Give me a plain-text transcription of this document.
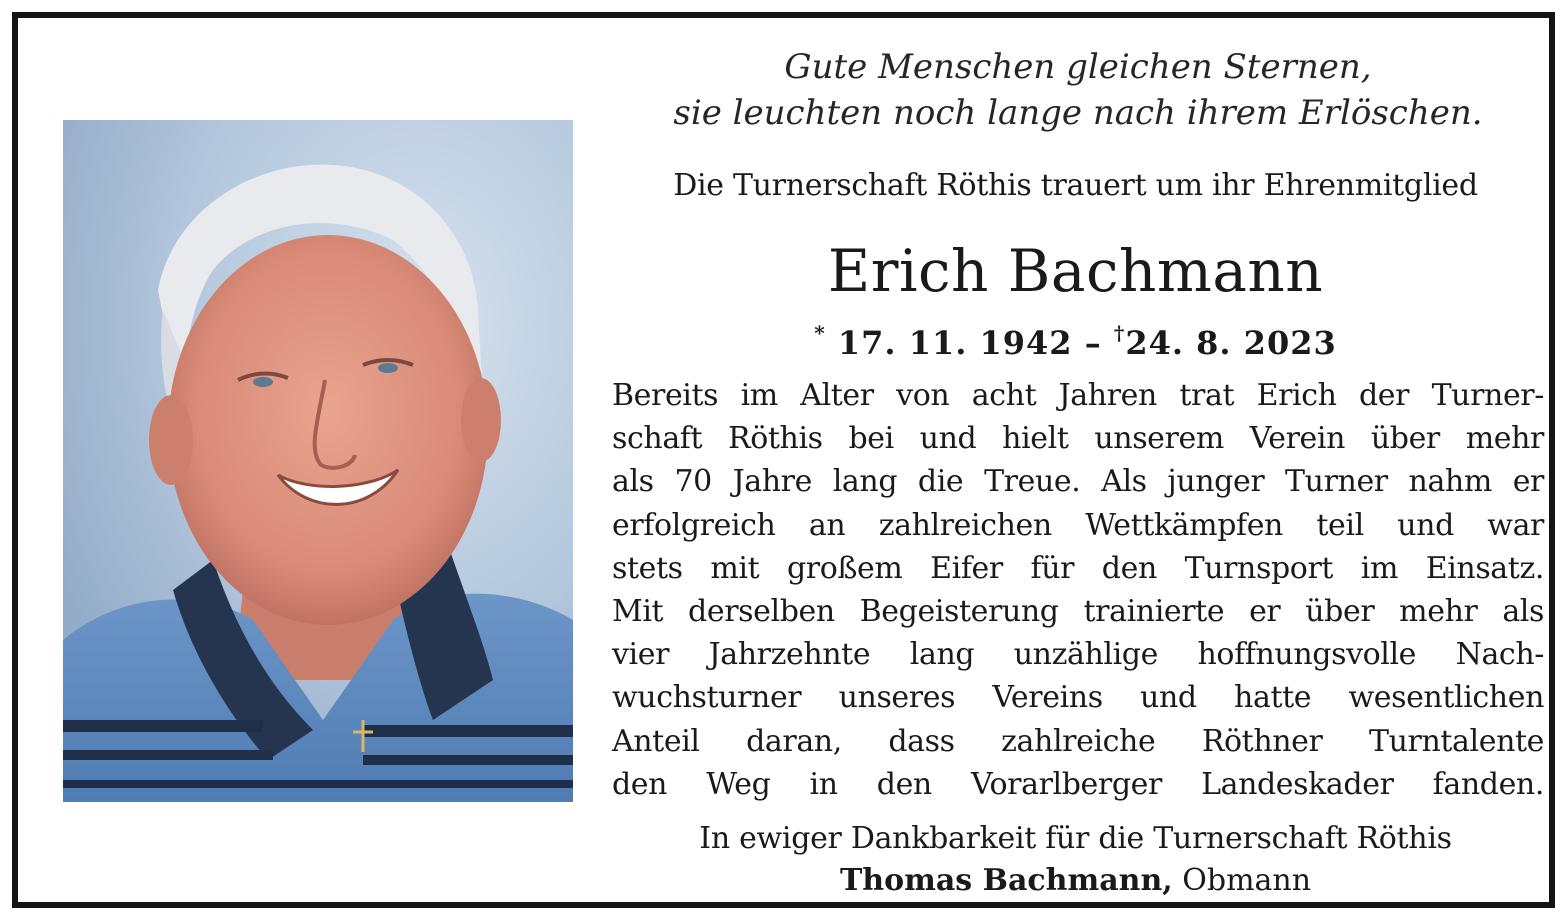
Gute Menschen gleichen Sternen,
sie leuchten noch lange nach ihrem Erlöschen.
Die Turnerschaft Röthis trauert um ihr Ehrenmitglied
Erich Bachmann
* 17. 11. 1942 – †24. 8. 2023
Bereits im Alter von acht Jahren trat Erich der Turner-
schaft Röthis bei und hielt unserem Verein über mehr
als 70 Jahre lang die Treue. Als junger Turner nahm er
erfolgreich an zahlreichen Wettkämpfen teil und war
stets mit großem Eifer für den Turnsport im Einsatz.
Mit derselben Begeisterung trainierte er über mehr als
vier Jahrzehnte lang unzählige hoffnungsvolle Nach-
wuchsturner unseres Vereins und hatte wesentlichen
Anteil daran, dass zahlreiche Röthner Turntalente
den Weg in den Vorarlberger Landeskader fanden.
In ewiger Dankbarkeit für die Turnerschaft Röthis
Thomas Bachmann, Obmann
